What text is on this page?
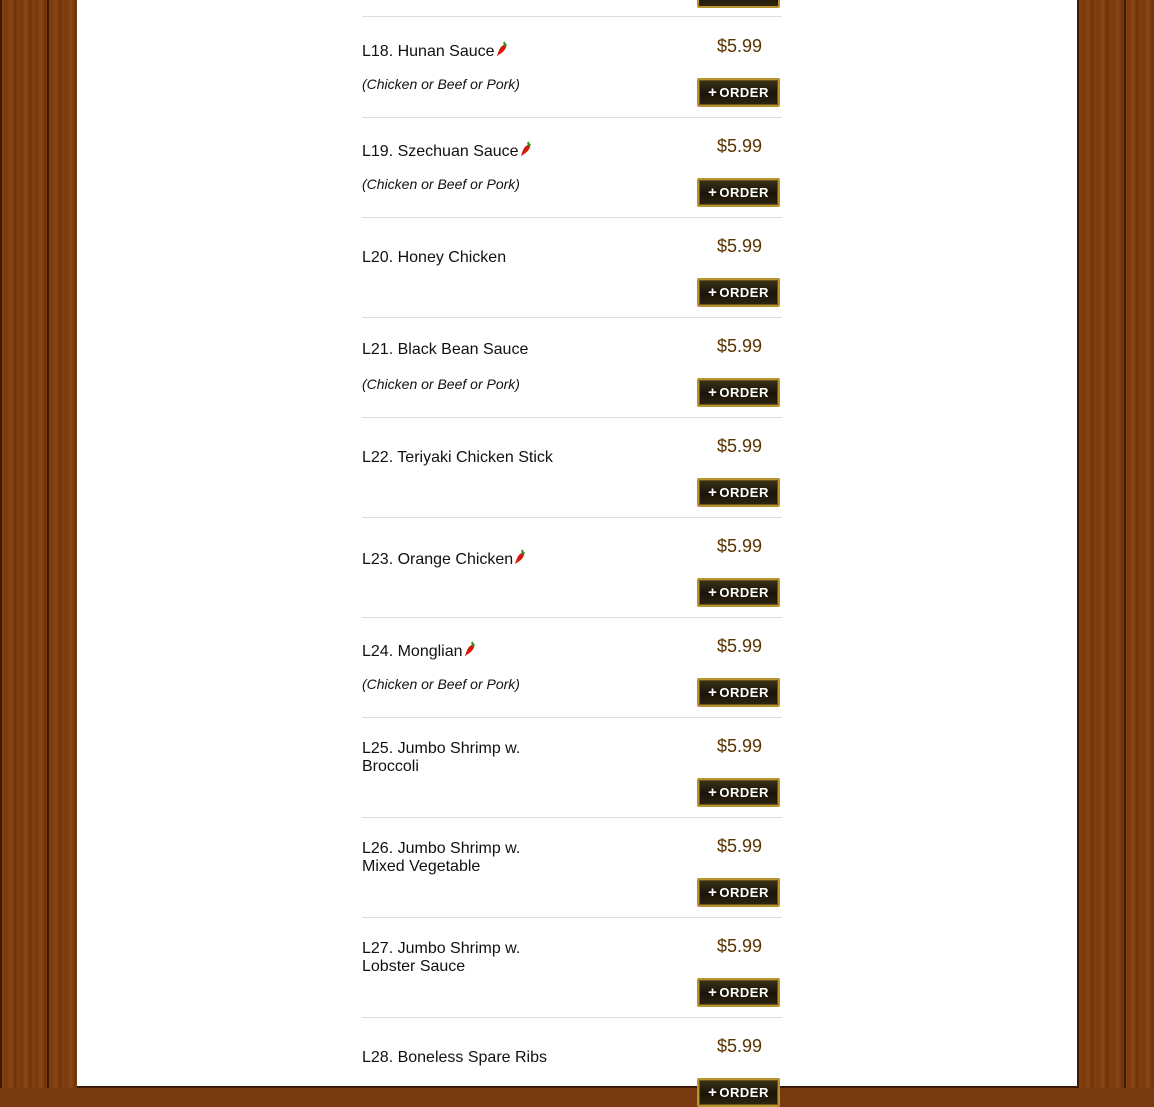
L18. Hunan Sauce
(Chicken or Beef or Pork)
$5.99
+ ORDER
L19. Szechuan Sauce
(Chicken or Beef or Pork)
$5.99
+ ORDER
L20. Honey Chicken
$5.99
+ ORDER
L21. Black Bean Sauce
(Chicken or Beef or Pork)
$5.99
+ ORDER
L22. Teriyaki Chicken Stick
$5.99
+ ORDER
L23. Orange Chicken
$5.99
+ ORDER
L24. Monglian
(Chicken or Beef or Pork)
$5.99
+ ORDER
L25. Jumbo Shrimp w. Broccoli
$5.99
+ ORDER
L26. Jumbo Shrimp w. Mixed Vegetable
$5.99
+ ORDER
L27. Jumbo Shrimp w. Lobster Sauce
$5.99
+ ORDER
L28. Boneless Spare Ribs
$5.99
+ ORDER
